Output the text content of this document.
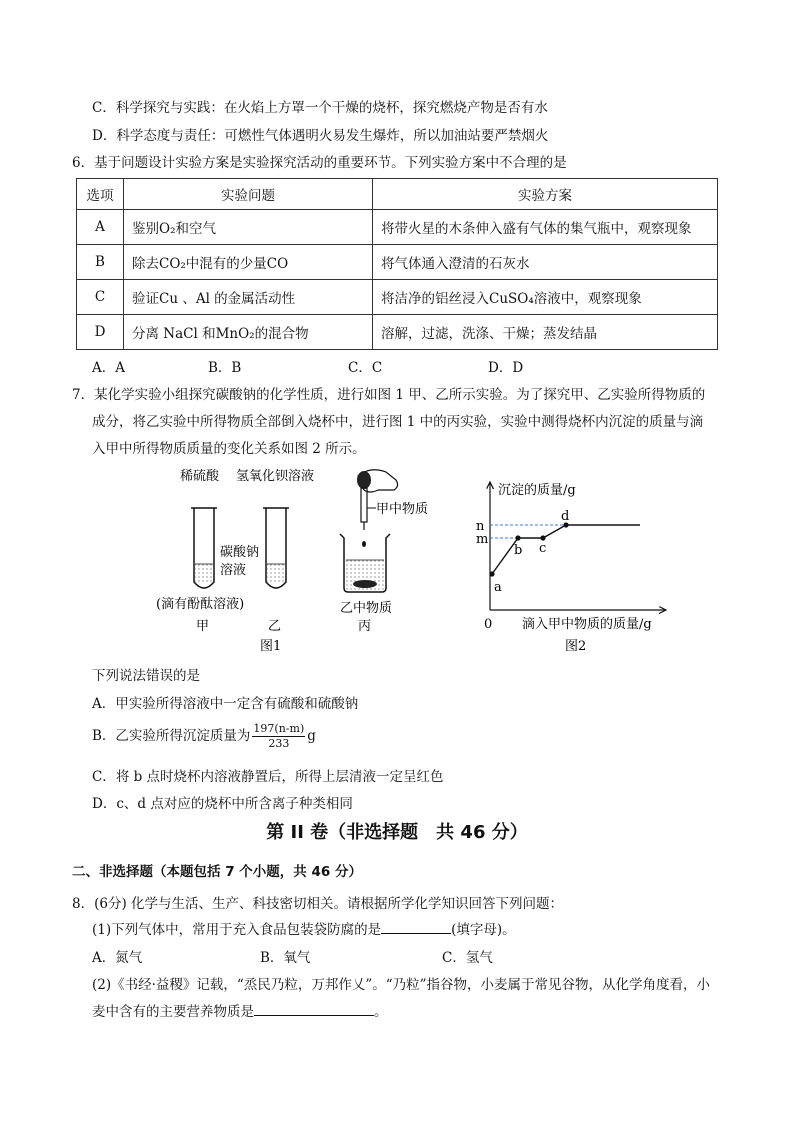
C．科学探究与实践：在火焰上方罩一个干燥的烧杯，探究燃烧产物是否有水
D．科学态度与责任：可燃性气体遇明火易发生爆炸，所以加油站要严禁烟火
6．基于问题设计实验方案是实验探究活动的重要环节。下列实验方案中不合理的是
选项	实验问题	实验方案
A	鉴别O₂和空气	将带火星的木条伸入盛有气体的集气瓶中，观察现象
B	除去CO₂中混有的少量CO	将气体通入澄清的石灰水
C	验证Cu 、Al 的金属活动性	将洁净的铝丝浸入CuSO₄溶液中，观察现象
D	分离 NaCl 和MnO₂的混合物	溶解，过滤，洗涤、干燥；蒸发结晶
A．A	B．B	C．C	D．D
7．某化学实验小组探究碳酸钠的化学性质，进行如图 1 甲、乙所示实验。为了探究甲、乙实验所得物质的
成分，将乙实验中所得物质全部倒入烧杯中，进行图 1 中的丙实验，实验中测得烧杯内沉淀的质量与滴
入甲中所得物质质量的变化关系如图 2 所示。
稀硫酸 氢氧化钡溶液
碳酸钠
溶液
(滴有酚酞溶液)
甲	乙
甲中物质
乙中物质
丙
图1
沉淀的质量/g
滴入甲中物质的质量/g
0
n
m
a
b c
d
图2
下列说法错误的是
A．甲实验所得溶液中一定含有硫酸和硫酸钠
B．乙实验所得沉淀质量为 $\frac{197(n-m)}{233}$ g
C．将 b 点时烧杯内溶液静置后，所得上层清液一定呈红色
D．c、d 点对应的烧杯中所含离子种类相同
第 II 卷（非选择题　共 46 分）
二、非选择题（本题包括 7 个小题，共 46 分）
8．(6分) 化学与生活、生产、科技密切相关。请根据所学化学知识回答下列问题：
(1)下列气体中，常用于充入食品包装袋防腐的是	(填字母)。
A．氮气	B．氧气	C．氢气
(2)《书经·益稷》记载，“烝民乃粒，万邦作乂”。“乃粒”指谷物，小麦属于常见谷物，从化学角度看，小
麦中含有的主要营养物质是	。
